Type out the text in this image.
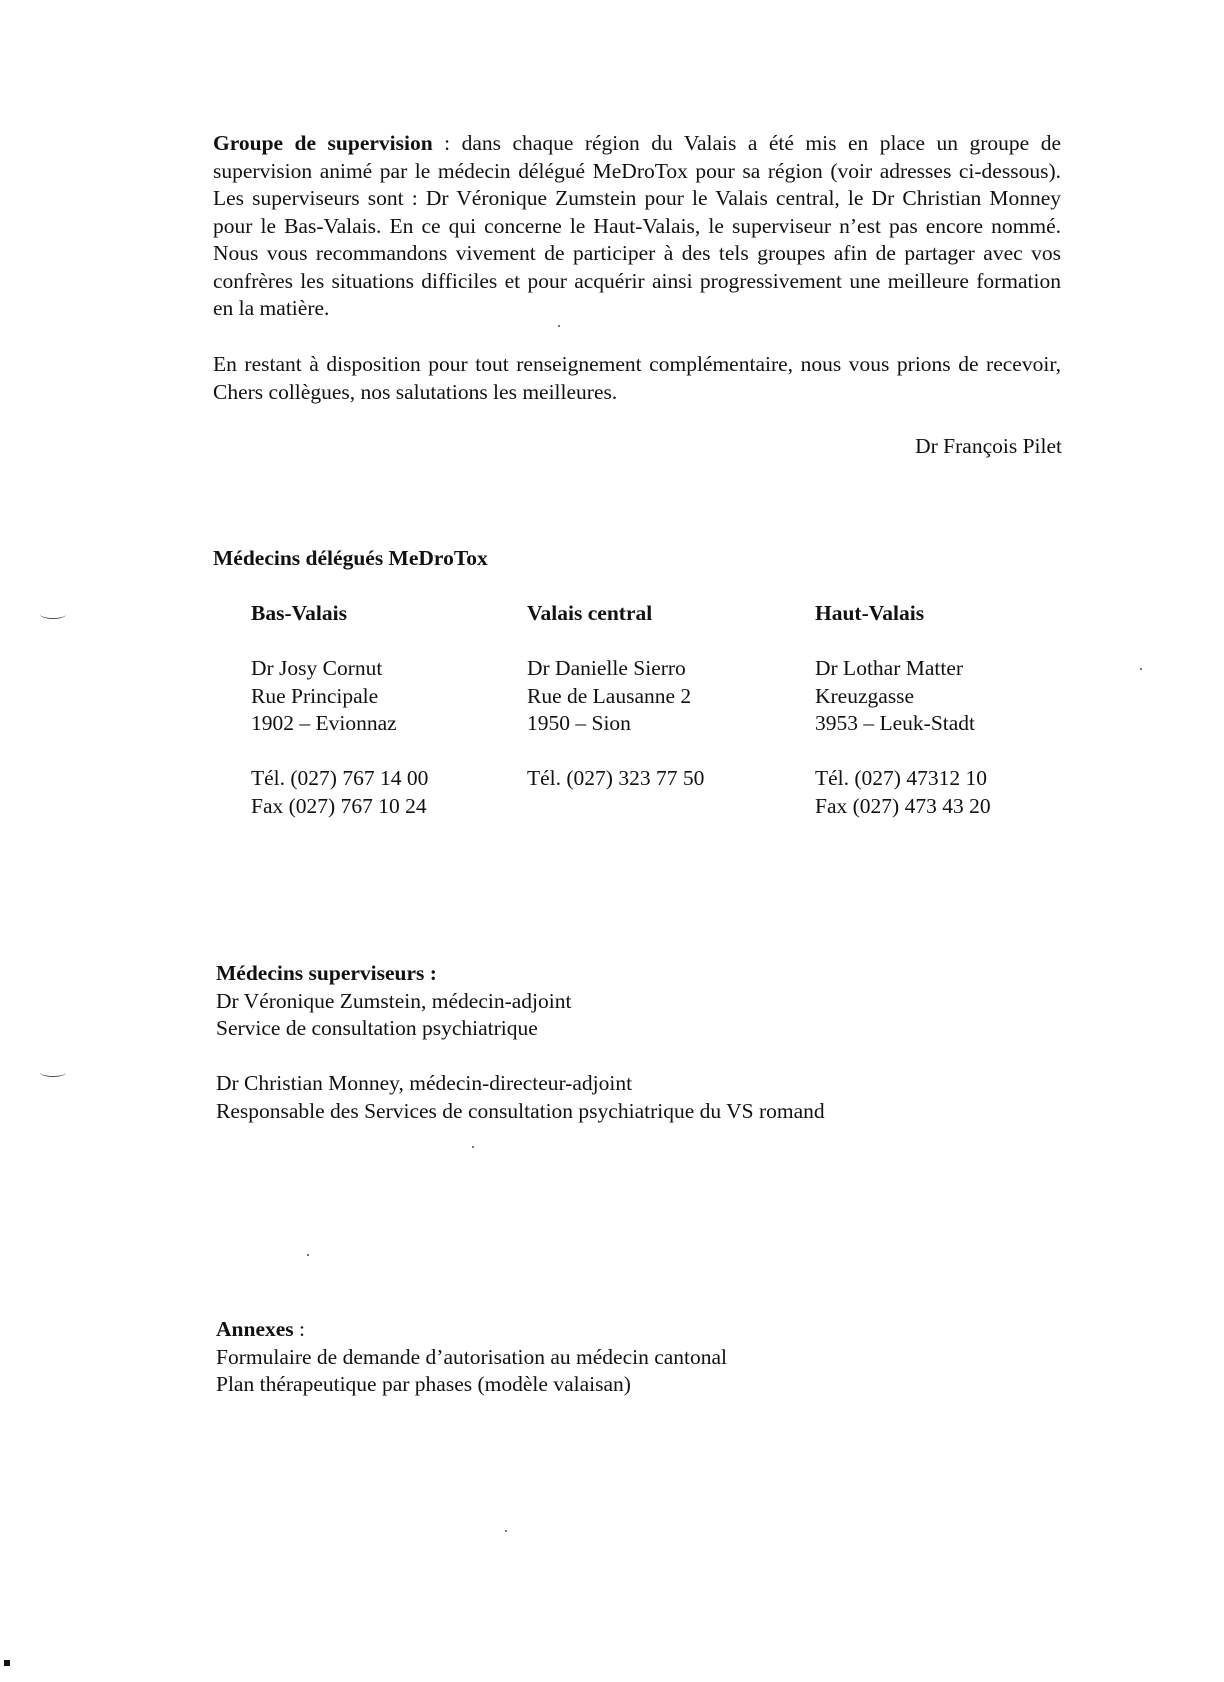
Groupe de supervision : dans chaque région du Valais a été mis en place un groupe de supervision animé par le médecin délégué MeDroTox pour sa région (voir adresses ci-dessous). Les superviseurs sont : Dr Véronique Zumstein pour le Valais central, le Dr Christian Monney pour le Bas-Valais. En ce qui concerne le Haut-Valais, le superviseur n’est pas encore nommé. Nous vous recommandons vivement de participer à des tels groupes afin de partager avec vos confrères les situations difficiles et pour acquérir ainsi progressivement une meilleure formation en la matière.

En restant à disposition pour tout renseignement complémentaire, nous vous prions de recevoir, Chers collègues, nos salutations les meilleures.

Dr François Pilet

Médecins délégués MeDroTox

Bas-Valais
Dr Josy Cornut
Rue Principale
1902 – Evionnaz
Tél. (027) 767 14 00
Fax (027) 767 10 24
Valais central
Dr Danielle Sierro
Rue de Lausanne 2
1950 – Sion
Tél. (027) 323 77 50
Haut-Valais
Dr Lothar Matter
Kreuzgasse
3953 – Leuk-Stadt
Tél. (027) 47312 10
Fax (027) 473 43 20
Médecins superviseurs :
Dr Véronique Zumstein, médecin-adjoint
Service de consultation psychiatrique
Dr Christian Monney, médecin-directeur-adjoint
Responsable des Services de consultation psychiatrique du VS romand
Annexes :
Formulaire de demande d’autorisation au médecin cantonal
Plan thérapeutique par phases (modèle valaisan)
